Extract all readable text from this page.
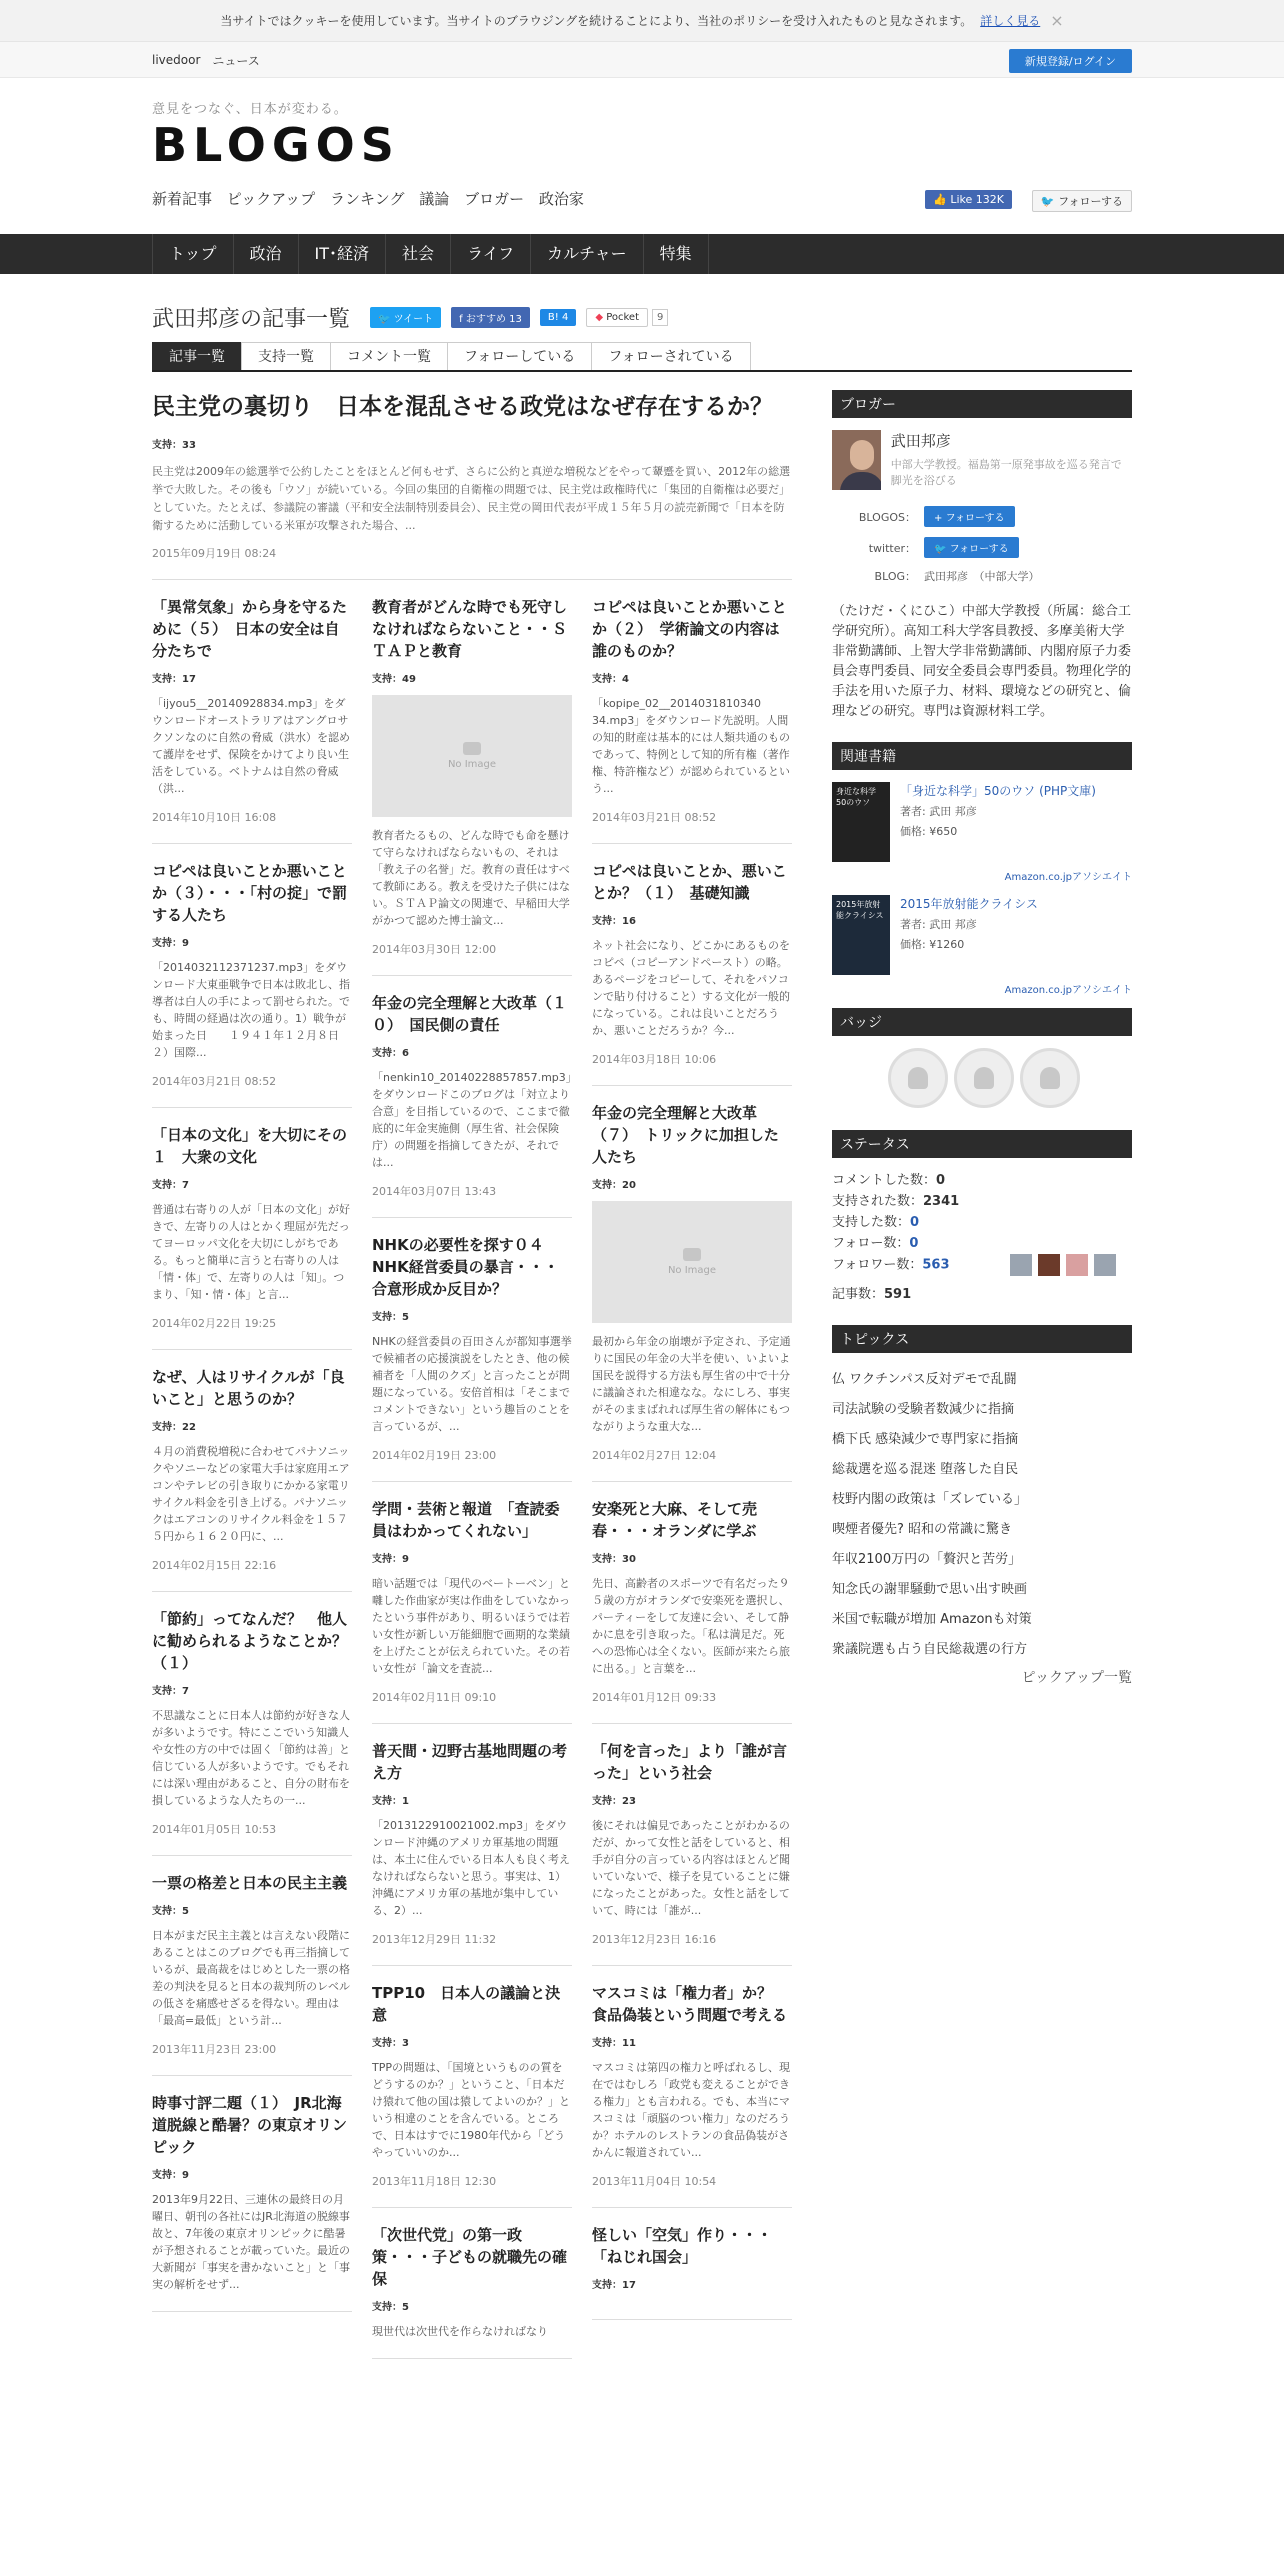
当サイトではクッキーを使用しています。当サイトのブラウジングを続けることにより、当社のポリシーを受け入れたものと見なされます。 詳しく見る ×
livedoor ニュース	新規登録/ログイン
意見をつなぐ、日本が変わる。
BLOGOS
新着記事 ピックアップ ランキング 議論 ブロガー 政治家	👍 Like 132K	🐦 フォローする
トップ	政治	IT･経済	社会	ライフ	カルチャー	特集
武田邦彦の記事一覧	🐦 ツイート	f おすすめ 13	B! 4	◆ Pocket	9
記事一覧	支持一覧	コメント一覧	フォローしている	フォローされている
民主党の裏切り　日本を混乱させる政党はなぜ存在するか？
支持：33
民主党は2009年の総選挙で公約したことをほとんど何もせず、さらに公約と真逆な増税などをやって顰蹙を買い、2012年の総選挙で大敗した。その後も「ウソ」が続いている。今回の集団的自衛権の問題では、民主党は政権時代に「集団的自衛権は必要だ」としていた。たとえば、参議院の審議（平和安全法制特別委員会）、民主党の岡田代表が平成１５年５月の読売新聞で「日本を防衛するために活動している米軍が攻撃された場合、...
2015年09月19日 08:24
「異常気象」から身を守るために（５）　日本の安全は自分たちで
支持：17
「ijyou5__20140928834.mp3」をダウンロードオーストラリアはアングロサクソンなのに自然の脅威（洪水）を認めて護岸をせず、保険をかけてより良い生活をしている。ベトナムは自然の脅威（洪...
2014年10月10日 16:08
コピペは良いことか悪いことか（３）・・・「村の掟」で罰する人たち
支持：9
「20140321123712​37.mp3」をダウンロード大東亜戦争で日本は敗北し、指導者は白人の手によって罰せられた。でも、時間の経過は次の通り。1）戦争が始まった日　　１９４１年１２月８日２）国際...
2014年03月21日 08:52
「日本の文化」を大切にその１　大衆の文化
支持：7
普通は右寄りの人が「日本の文化」が好きで、左寄りの人はとかく理屈が先だってヨーロッパ文化を大切にしがちである。もっと簡単に言うと右寄りの人は「情・体」で、左寄りの人は「知」。つまり、「知・情・体」と言...
2014年02月22日 19:25
なぜ、人はリサイクルが「良いこと」と思うのか？
支持：22
４月の消費税増税に合わせてパナソニックやソニーなどの家電大手は家庭用エアコンやテレビの引き取りにかかる家電リサイクル料金を引き上げる。パナソニックはエアコンのリサイクル料金を１５７５円から１６２０円に、...
2014年02月15日 22:16
「節約」ってなんだ？　他人に勧められるようなことか？（１）
支持：7
不思議なことに日本人は節約が好きな人が多いようです。特にここでいう知識人や女性の方の中では固く「節約は善」と信じている人が多いようです。でもそれには深い理由があること、自分の財布を損しているような人たちの一...
2014年01月05日 10:53
一票の格差と日本の民主主義
支持：5
日本がまだ民主主義とは言えない段階にあることはこのブログでも再三指摘しているが、最高裁をはじめとした一票の格差の判決を見ると日本の裁判所のレベルの低さを痛感せざるを得ない。理由は「最高=最低」という計...
2013年11月23日 23:00
時事寸評二題（１）　JR北海道脱線と酷暑？の東京オリンピック
支持：9
2013年9月22日、三連休の最終日の月曜日、朝刊の各社にはJR北海道の脱線事故と、7年後の東京オリンピックに酷暑が予想されることが載っていた。最近の大新聞が「事実を書かないこと」と「事実の解析をせず...
教育者がどんな時でも死守しなければならないこと・・ＳＴＡＰと教育
支持：49
No Image
教育者たるもの、どんな時でも命を懸けて守らなければならないもの、それは「教え子の名誉」だ。教育の責任はすべて教師にある。教えを受けた子供にはない。ＳＴＡＰ論文の関連で、早稲田大学がかつて認めた博士論文...
2014年03月30日 12:00
年金の完全理解と大改革（１０）　国民側の責任
支持：6
「nenkin10_20140228857857.mp3」をダウンロードこのブログは「対立より合意」を目指しているので、ここまで徹底的に年金実施側（厚生省、社会保険庁）の問題を指摘してきたが、それでは...
2014年03月07日 13:43
NHKの必要性を探す０４　NHK経営委員の暴言・・・合意形成か反目か？
支持：5
NHKの経営委員の百田さんが都知事選挙で候補者の応援演説をしたとき、他の候補者を「人間のクズ」と言ったことが問題になっている。安倍首相は「そこまでコメントできない」という趣旨のことを言っているが、...
2014年02月19日 23:00
学問・芸術と報道　「査読委員はわかってくれない」
支持：9
暗い話題では「現代のベートーベン」と囃した作曲家が実は作曲をしていなかったという事件があり、明るいほうでは若い女性が新しい万能細胞で画期的な業績を上げたことが伝えられていた。その若い女性が「論文を査読...
2014年02月11日 09:10
普天間・辺野古基地問題の考え方
支持：1
「20131229100210​02.mp3」をダウンロード沖縄のアメリカ軍基地の問題は、本土に住んでいる日本人も良く考えなければならないと思う。事実は、1）　沖縄にアメリカ軍の基地が集中している、2）...
2013年12月29日 11:32
TPP10　日本人の議論と決意
支持：3
TPPの問題は、「国境というものの質をどうするのか？」ということ、「日本だけ猿れて他の国は猿してよいのか？」という相違のことを含んでいる。ところで、日本はすでに1980年代から「どうやっていいのか...
2013年11月18日 12:30
「次世代党」の第一政策・・・子どもの就職先の確保
支持：5
現世代は次世代を作らなければなり
コピペは良いことか悪いことか（２）　学術論文の内容は誰のものか？
支持：4
「kopipe_02__2014031810340​34.mp3」をダウンロード先説明。人間の知的財産は基本的には人類共通のものであって、特例として知的所有権（著作権、特許権など）が認められているという...
2014年03月21日 08:52
コピペは良いことか、悪いことか？（１）　基礎知識
支持：16
ネット社会になり、どこかにあるものをコピペ（コピーアンドペースト）の略。あるページをコピーして、それをパソコンで貼り付けること）する文化が一般的になっている。これは良いことだろうか、悪いことだろうか？今...
2014年03月18日 10:06
年金の完全理解と大改革（７）　トリックに加担した人たち
支持：20
No Image
最初から年金の崩壊が予定され、予定通りに国民の年金の大半を使い、いよいよ国民を説得する方法も厚生省の中で十分に議論された相違なな。なにしろ、事実がそのままばれれば厚生省の解体にもつながりような重大な...
2014年02月27日 12:04
安楽死と大麻、そして売春・・・オランダに学ぶ
支持：30
先日、高齢者のスポーツで有名だった９５歳の方がオランダで安楽死を選択し、パーティーをして友達に会い、そして静かに息を引き取った。「私は満足だ。死への恐怖心は全くない。医師が来たら旅に出る。」と言葉を...
2014年01月12日 09:33
「何を言った」より「誰が言った」という社会
支持：23
後にそれは偏見であったことがわかるのだが、かって女性と話をしていると、相手が自分の言っている内容はほとんど聞いていないで、様子を見ていることに嫌になったことがあった。女性と話をしていて、時には「誰が...
2013年12月23日 16:16
マスコミは「権力者」か？　食品偽装という問題で考える
支持：11
マスコミは第四の権力と呼ばれるし、現在ではむしろ「政党も変えることができる権力」とも言われる。でも、本当にマスコミは「頑脳のつい権力」なのだろうか？ホテルのレストランの食品偽装がさかんに報道されてい...
2013年11月04日 10:54
怪しい「空気」作り・・・「ねじれ国会」
支持：17
ブロガー
武田邦彦
中部大学教授。福島第一原発事故を巡る発言で脚光を浴びる
BLOGOS：	+ フォローする
twitter：	🐦 フォローする
BLOG： 武田邦彦　（中部大学）
（たけだ・くにひこ）中部大学教授（所属：総合工学研究所）。高知工科大学客員教授、多摩美術大学非常勤講師、上智大学非常勤講師、内閣府原子力委員会専門委員、同安全委員会専門委員。物理化学的手法を用いた原子力、材料、環境などの研究と、倫理などの研究。専門は資源材料工学。
関連書籍
身近な科学50のウソ
「身近な科学」50のウソ (PHP文庫)
著者: 武田 邦彦
価格: ¥650
Amazon.co.jpアソシエイト
2015年放射能クライシス
2015年放射能クライシス
著者: 武田 邦彦
価格: ¥1260
Amazon.co.jpアソシエイト
バッジ
ステータス
コメントした数：0
支持された数：2341
支持した数：0
フォロー数：0
フォロワー数：563
記事数：591
トピックス
仏 ワクチンパス反対デモで乱闘
司法試験の受験者数減少に指摘
橋下氏 感染減少で専門家に指摘
総裁選を巡る混迷 堕落した自民
枝野内閣の政策は「ズレている」
喫煙者優先? 昭和の常識に驚き
年収2100万円の「贅沢と苦労」
知念氏の謝罪騒動で思い出す映画
米国で転職が増加 Amazonも対策
衆議院選も占う自民総裁選の行方
ピックアップ一覧
